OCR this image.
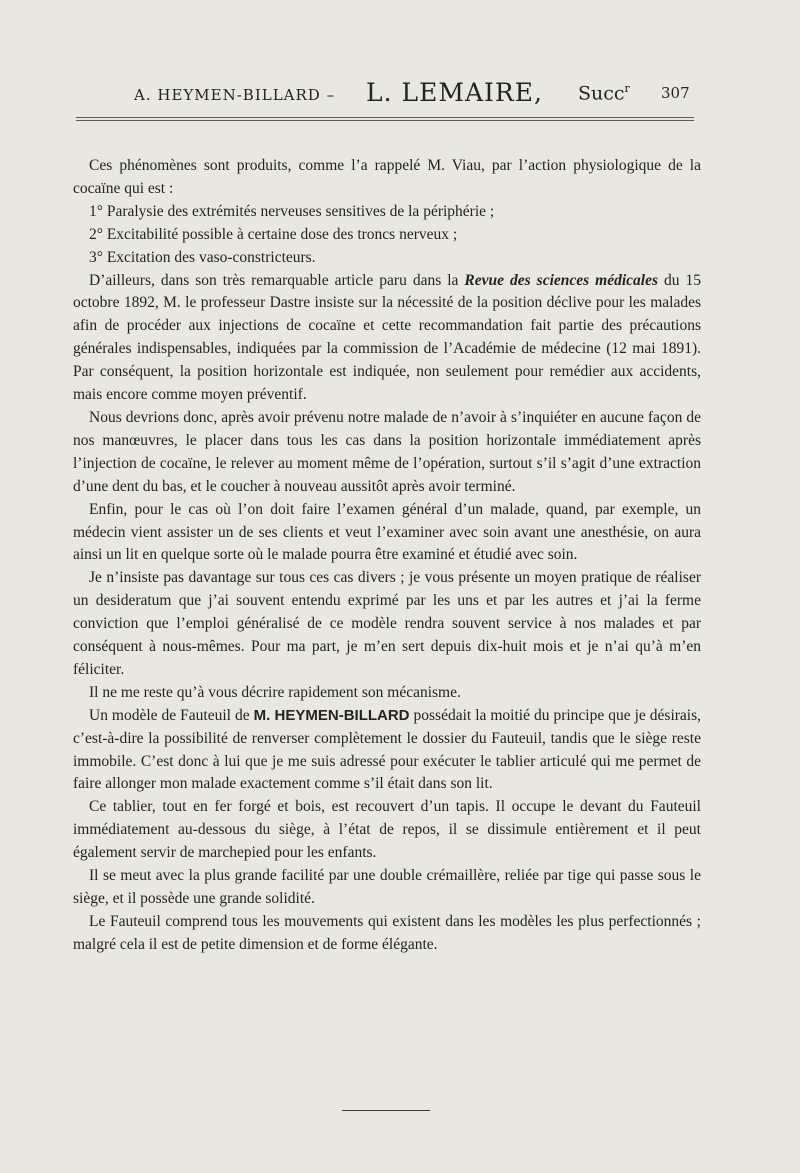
A. HEYMEN-BILLARD – L. LEMAIRE, Succ$^r$ 307

Ces phénomènes sont produits, comme l’a rappelé M. Viau, par l’action physiologique de la cocaïne qui est :

1° Paralysie des extrémités nerveuses sensitives de la périphérie ;

2° Excitabilité possible à certaine dose des troncs nerveux ;

3° Excitation des vaso-constricteurs.

D’ailleurs, dans son très remarquable article paru dans la Revue des sciences médicales du 15 octobre 1892, M. le professeur Dastre insiste sur la nécessité de la position déclive pour les malades afin de procéder aux injections de cocaïne et cette recommandation fait partie des précautions générales indispensables, indiquées par la commission de l’Académie de médecine (12 mai 1891). Par conséquent, la position horizontale est indiquée, non seulement pour remédier aux accidents, mais encore comme moyen préventif.

Nous devrions donc, après avoir prévenu notre malade de n’avoir à s’inquiéter en aucune façon de nos manœuvres, le placer dans tous les cas dans la position horizontale immédiatement après l’injection de cocaïne, le relever au moment même de l’opération, surtout s’il s’agit d’une extraction d’une dent du bas, et le coucher à nouveau aussitôt après avoir terminé.

Enfin, pour le cas où l’on doit faire l’examen général d’un malade, quand, par exemple, un médecin vient assister un de ses clients et veut l’examiner avec soin avant une anesthésie, on aura ainsi un lit en quelque sorte où le malade pourra être examiné et étudié avec soin.

Je n’insiste pas davantage sur tous ces cas divers ; je vous présente un moyen pratique de réaliser un desideratum que j’ai souvent entendu exprimé par les uns et par les autres et j’ai la ferme conviction que l’emploi généralisé de ce modèle rendra souvent service à nos malades et par conséquent à nous-mêmes. Pour ma part, je m’en sert depuis dix-huit mois et je n’ai qu’à m’en féliciter.

Il ne me reste qu’à vous décrire rapidement son mécanisme.

Un modèle de Fauteuil de M. HEYMEN-BILLARD possédait la moitié du principe que je désirais, c’est-à-dire la possibilité de renverser complètement le dossier du Fauteuil, tandis que le siège reste immobile. C’est donc à lui que je me suis adressé pour exécuter le tablier articulé qui me permet de faire allonger mon malade exactement comme s’il était dans son lit.

Ce tablier, tout en fer forgé et bois, est recouvert d’un tapis. Il occupe le devant du Fauteuil immédiatement au-dessous du siège, à l’état de repos, il se dissimule entièrement et il peut également servir de marchepied pour les enfants.

Il se meut avec la plus grande facilité par une double crémaillère, reliée par tige qui passe sous le siège, et il possède une grande solidité.

Le Fauteuil comprend tous les mouvements qui existent dans les modèles les plus perfectionnés ; malgré cela il est de petite dimension et de forme élégante.
